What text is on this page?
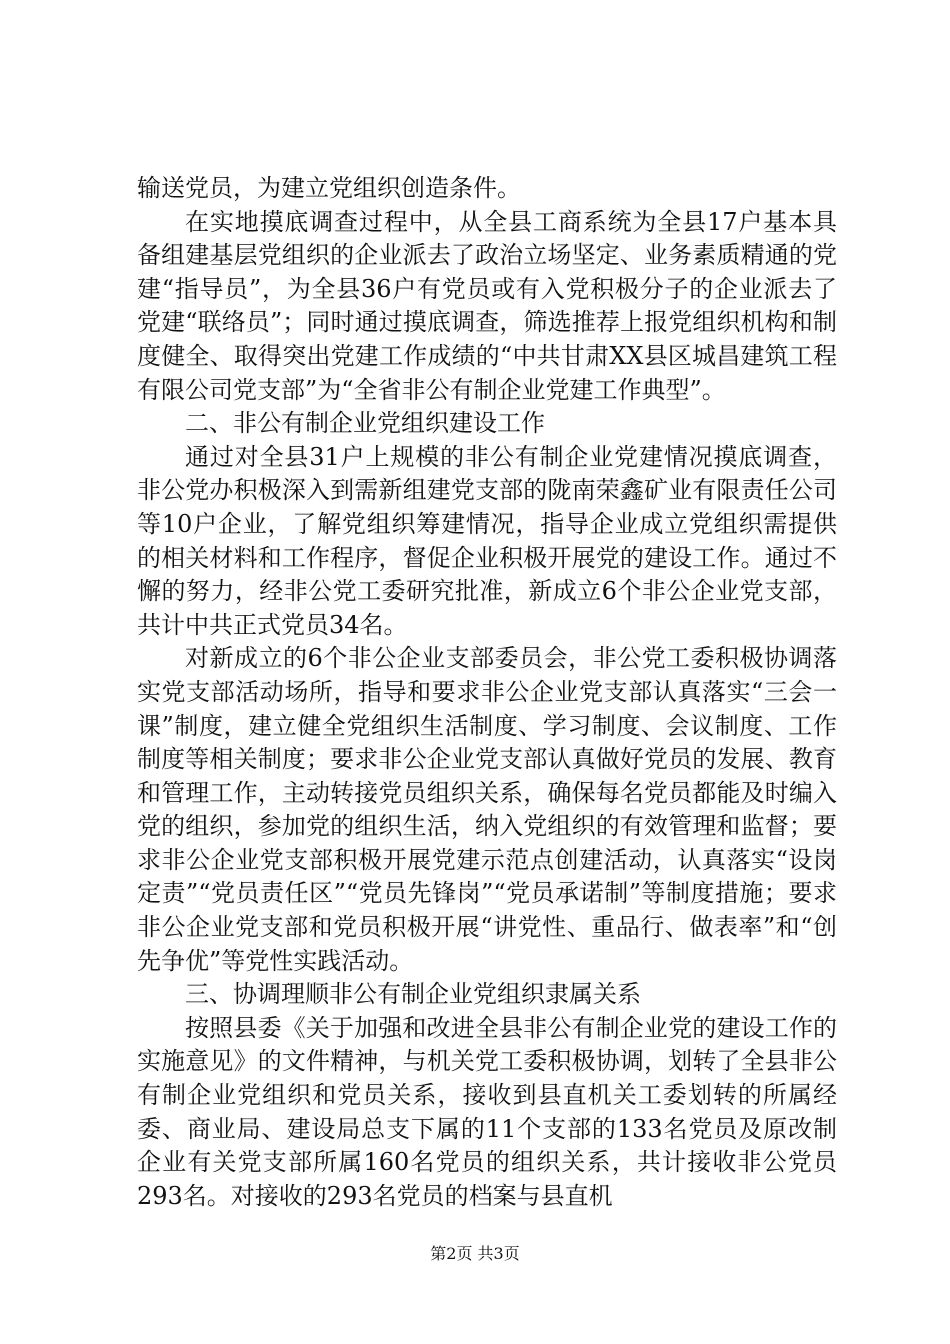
输送党员，为建立党组织创造条件。

在实地摸底调查过程中，从全县工商系统为全县17户基本具备组建基层党组织的企业派去了政治立场坚定、业务素质精通的党建“指导员”，为全县36户有党员或有入党积极分子的企业派去了党建“联络员”；同时通过摸底调查，筛选推荐上报党组织机构和制度健全、取得突出党建工作成绩的“中共甘肃XX县区城昌建筑工程有限公司党支部”为“全省非公有制企业党建工作典型”。

二、非公有制企业党组织建设工作

通过对全县31户上规模的非公有制企业党建情况摸底调查，非公党办积极深入到需新组建党支部的陇南荣鑫矿业有限责任公司等10户企业，了解党组织筹建情况，指导企业成立党组织需提供的相关材料和工作程序，督促企业积极开展党的建设工作。通过不懈的努力，经非公党工委研究批准，新成立6个非公企业党支部，共计中共正式党员34名。

对新成立的6个非公企业支部委员会，非公党工委积极协调落实党支部活动场所，指导和要求非公企业党支部认真落实“三会一课”制度，建立健全党组织生活制度、学习制度、会议制度、工作制度等相关制度；要求非公企业党支部认真做好党员的发展、教育和管理工作，主动转接党员组织关系，确保每名党员都能及时编入党的组织，参加党的组织生活，纳入党组织的有效管理和监督；要求非公企业党支部积极开展党建示范点创建活动，认真落实“设岗定责”“党员责任区”“党员先锋岗”“党员承诺制”等制度措施；要求非公企业党支部和党员积极开展“讲党性、重品行、做表率”和“创先争优”等党性实践活动。

三、协调理顺非公有制企业党组织隶属关系

按照县委《关于加强和改进全县非公有制企业党的建设工作的实施意见》的文件精神，与机关党工委积极协调，划转了全县非公有制企业党组织和党员关系，接收到县直机关工委划转的所属经委、商业局、建设局总支下属的11个支部的133名党员及原改制企业有关党支部所属160名党员的组织关系，共计接收非公党员293名。对接收的293名党员的档案与县直机

第2页 共3页
